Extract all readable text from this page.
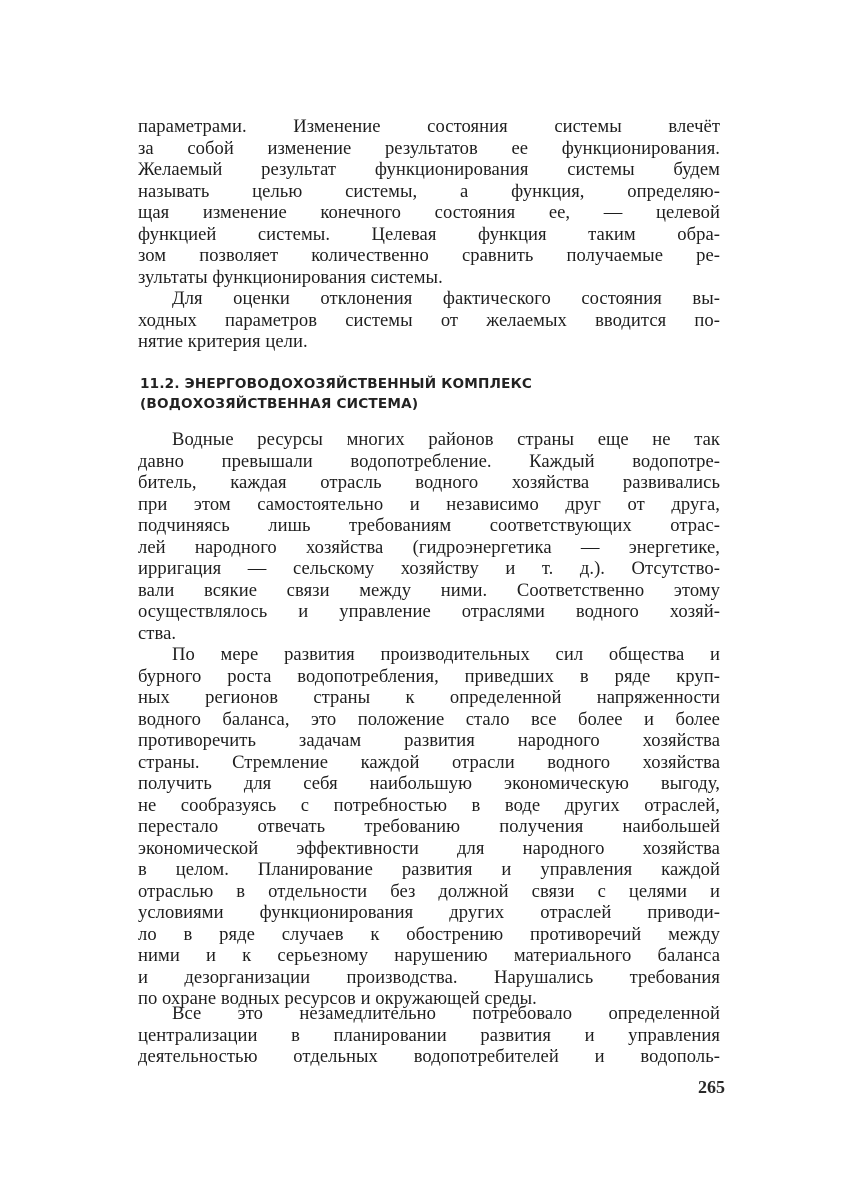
параметрами. Изменение состояния системы влечёт
за собой изменение результатов ее функционирования.
Желаемый результат функционирования системы будем
называть целью системы, а функция, определяю-
щая изменение конечного состояния ее, — целевой
функцией системы. Целевая функция таким обра-
зом позволяет количественно сравнить получаемые ре-
зультаты функционирования системы.
Для оценки отклонения фактического состояния вы-
ходных параметров системы от желаемых вводится по-
нятие критерия цели.
11.2. ЭНЕРГОВОДОХОЗЯЙСТВЕННЫЙ КОМПЛЕКС
(ВОДОХОЗЯЙСТВЕННАЯ СИСТЕМА)
Водные ресурсы многих районов страны еще не так
давно превышали водопотребление. Каждый водопотре-
битель, каждая отрасль водного хозяйства развивались
при этом самостоятельно и независимо друг от друга,
подчиняясь лишь требованиям соответствующих отрас-
лей народного хозяйства (гидроэнергетика — энергетике,
ирригация — сельскому хозяйству и т. д.). Отсутство-
вали всякие связи между ними. Соответственно этому
осуществлялось и управление отраслями водного хозяй-
ства.
По мере развития производительных сил общества и
бурного роста водопотребления, приведших в ряде круп-
ных регионов страны к определенной напряженности
водного баланса, это положение стало все более и более
противоречить задачам развития народного хозяйства
страны. Стремление каждой отрасли водного хозяйства
получить для себя наибольшую экономическую выгоду,
не сообразуясь с потребностью в воде других отраслей,
перестало отвечать требованию получения наибольшей
экономической эффективности для народного хозяйства
в целом. Планирование развития и управления каждой
отраслью в отдельности без должной связи с целями и
условиями функционирования других отраслей приводи-
ло в ряде случаев к обострению противоречий между
ними и к серьезному нарушению материального баланса
и дезорганизации производства. Нарушались требования
по охране водных ресурсов и окружающей среды.
Все это незамедлительно потребовало определенной
централизации в планировании развития и управления
деятельностью отдельных водопотребителей и водополь-
265
